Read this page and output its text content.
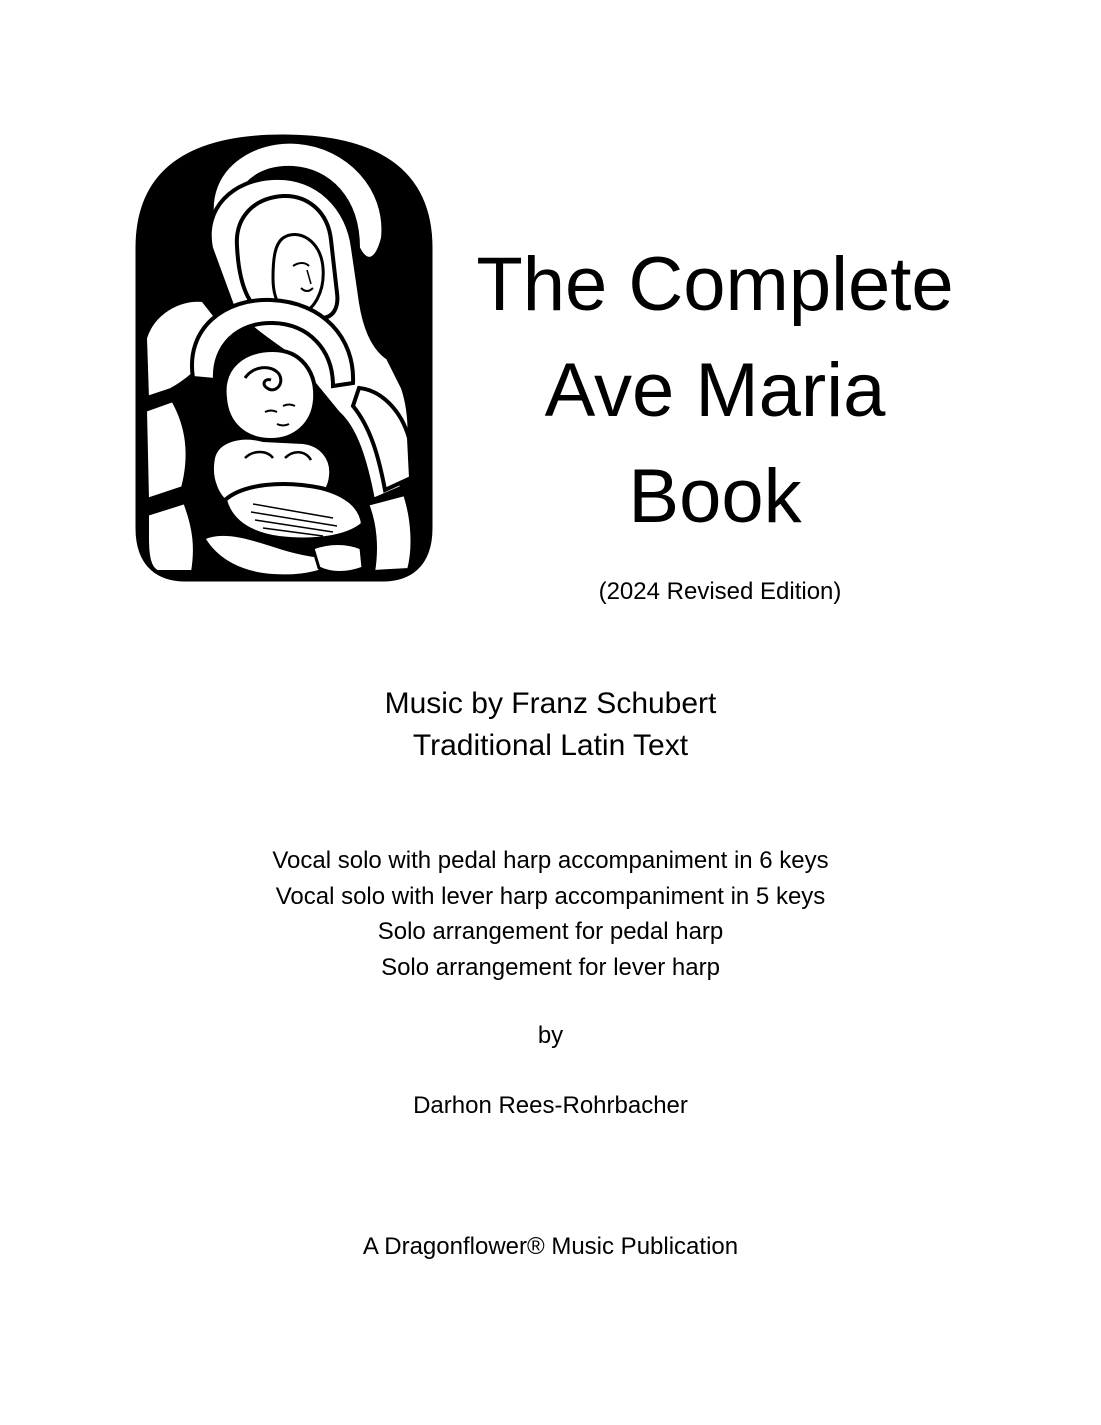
The Complete
Ave Maria
Book
(2024 Revised Edition)
Music by Franz Schubert
Traditional Latin Text
Vocal solo with pedal harp accompaniment in 6 keys
Vocal solo with lever harp accompaniment in 5 keys
Solo arrangement for pedal harp
Solo arrangement for lever harp
by
Darhon Rees-Rohrbacher
A Dragonflower® Music Publication
